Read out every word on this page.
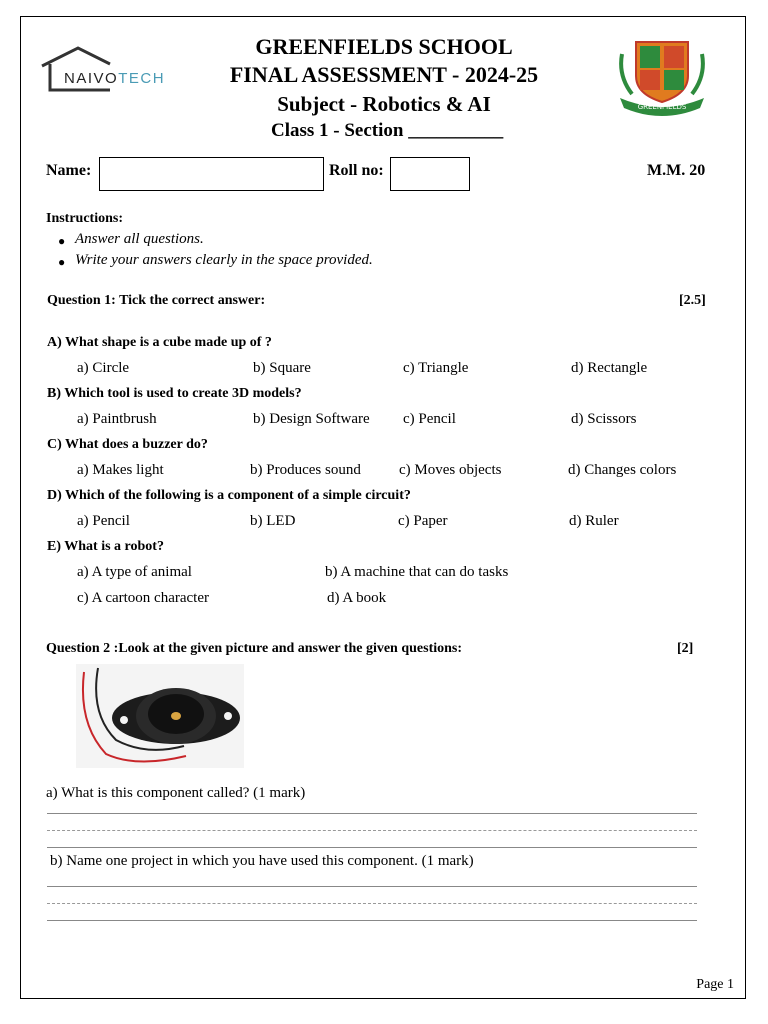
NAIVOTECH
GREENFIELDS SCHOOL
FINAL ASSESSMENT - 2024-25
Subject - Robotics & AI
Class 1 - Section __________
GREENFIELDS
Name:	Roll no:	M.M. 20
Instructions:
● Answer all questions.
● Write your answers clearly in the space provided.
Question 1: Tick the correct answer:	[2.5]
A) What shape is a cube made up of ?
a) Circle	b) Square	c) Triangle	d) Rectangle
B) Which tool is used to create 3D models?
a) Paintbrush	b) Design Software c) Pencil	d) Scissors
C) What does a buzzer do?
a) Makes light	b) Produces sound	c) Moves objects	d) Changes colors
D) Which of the following is a component of a simple circuit?
a) Pencil	b) LED	c) Paper	d) Ruler
E) What is a robot?
a) A type of animal	b) A machine that can do tasks
c) A cartoon character	d) A book
Question 2 :Look at the given picture and answer the given questions:	[2]
a) What is this component called? (1 mark)
b) Name one project in which you have used this component. (1 mark)
Page 1
